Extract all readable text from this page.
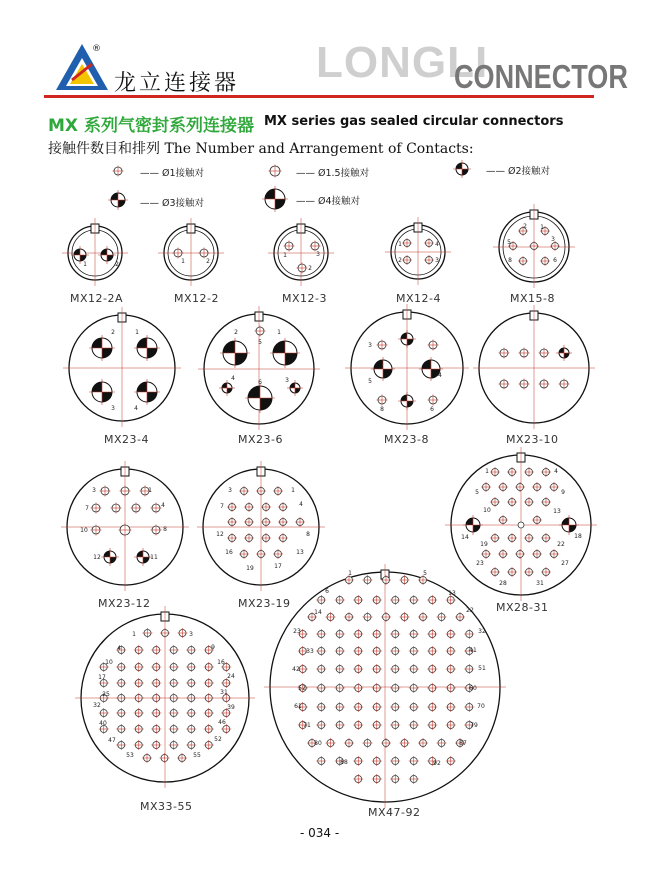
1	2	1	2
1
2
3
1
2	3
4
1
2
3
5
6
8
2	1
3	4
2	1
4	3
5
6
3
4
5
8	6
1
3
4
7
8
10
11
12
1
3
4
7
8
12
13
16
17
19
1	4
5	9
10	13
14	18
19	22
23	27
28	31
1	3
4	9
10	16
17	24
25	31
32	39
40	46
47	52
53	55
1	5
6	13
14	22
23	32
33	41
42	51
52	60
61	70
71	79
80	87
88	92
龙立连接器
®	LONGLI
CONNECTOR
MX 系列气密封系列连接器 MX series gas sealed circular connectors
接触件数目和排列 The Number and Arrangement of Contacts:
—— Ø1接触对	—— Ø1.5接触对	—— Ø2接触对
—— Ø3接触对	—— Ø4接触对
MX12-2A	MX12-2	MX12-3	MX12-4	MX15-8
MX23-4	MX23-6	MX23-8	MX23-10
MX23-12	MX23-19	MX28-31
MX33-55	MX47-92
- 034 -
